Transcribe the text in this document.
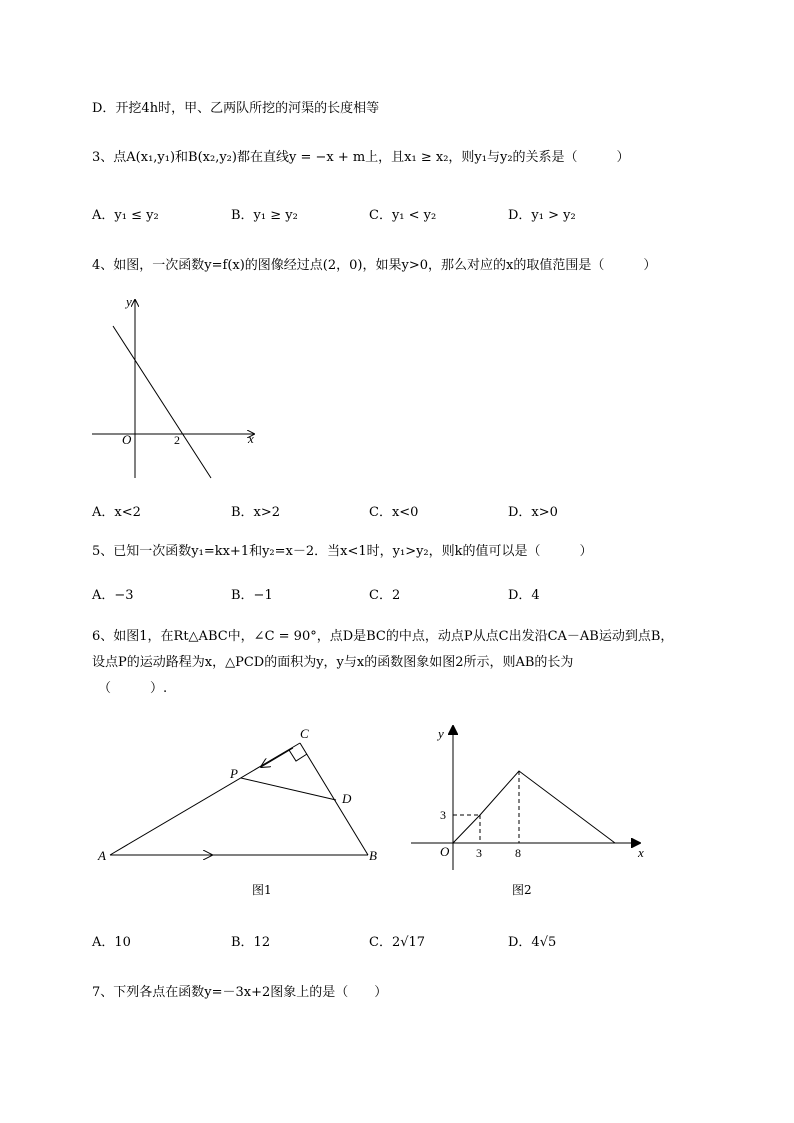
D．开挖4h时，甲、乙两队所挖的河渠的长度相等
3、点A(x₁,y₁)和B(x₂,y₂)都在直线y = −x + m上，且x₁ ≥ x₂，则y₁与y₂的关系是（　　　）
A．y₁ ≤ y₂	B．y₁ ≥ y₂	C．y₁ < y₂	D．y₁ > y₂
4、如图，一次函数y=f(x)的图像经过点(2，0)，如果y>0，那么对应的x的取值范围是（　　　）
y
x
O	2
A．x<2	B．x>2	C．x<0	D．x>0
5、已知一次函数y₁=kx+1和y₂=x－2．当x<1时，y₁>y₂，则k的值可以是（　　　）
A．−3	B．−1	C．2	D．4
6、如图1，在Rt△ABC中，∠C = 90°，点D是BC的中点，动点P从点C出发沿CA－AB运动到点B，
设点P的运动路程为x，△PCD的面积为y，y与x的函数图象如图2所示，则AB的长为
（　　　）.
C
P
D
A	B
图1
y
x
O
3
3	8
图2
A．10	B．12	C．2√17	D．4√5
7、下列各点在函数y=－3x+2图象上的是（　　）
